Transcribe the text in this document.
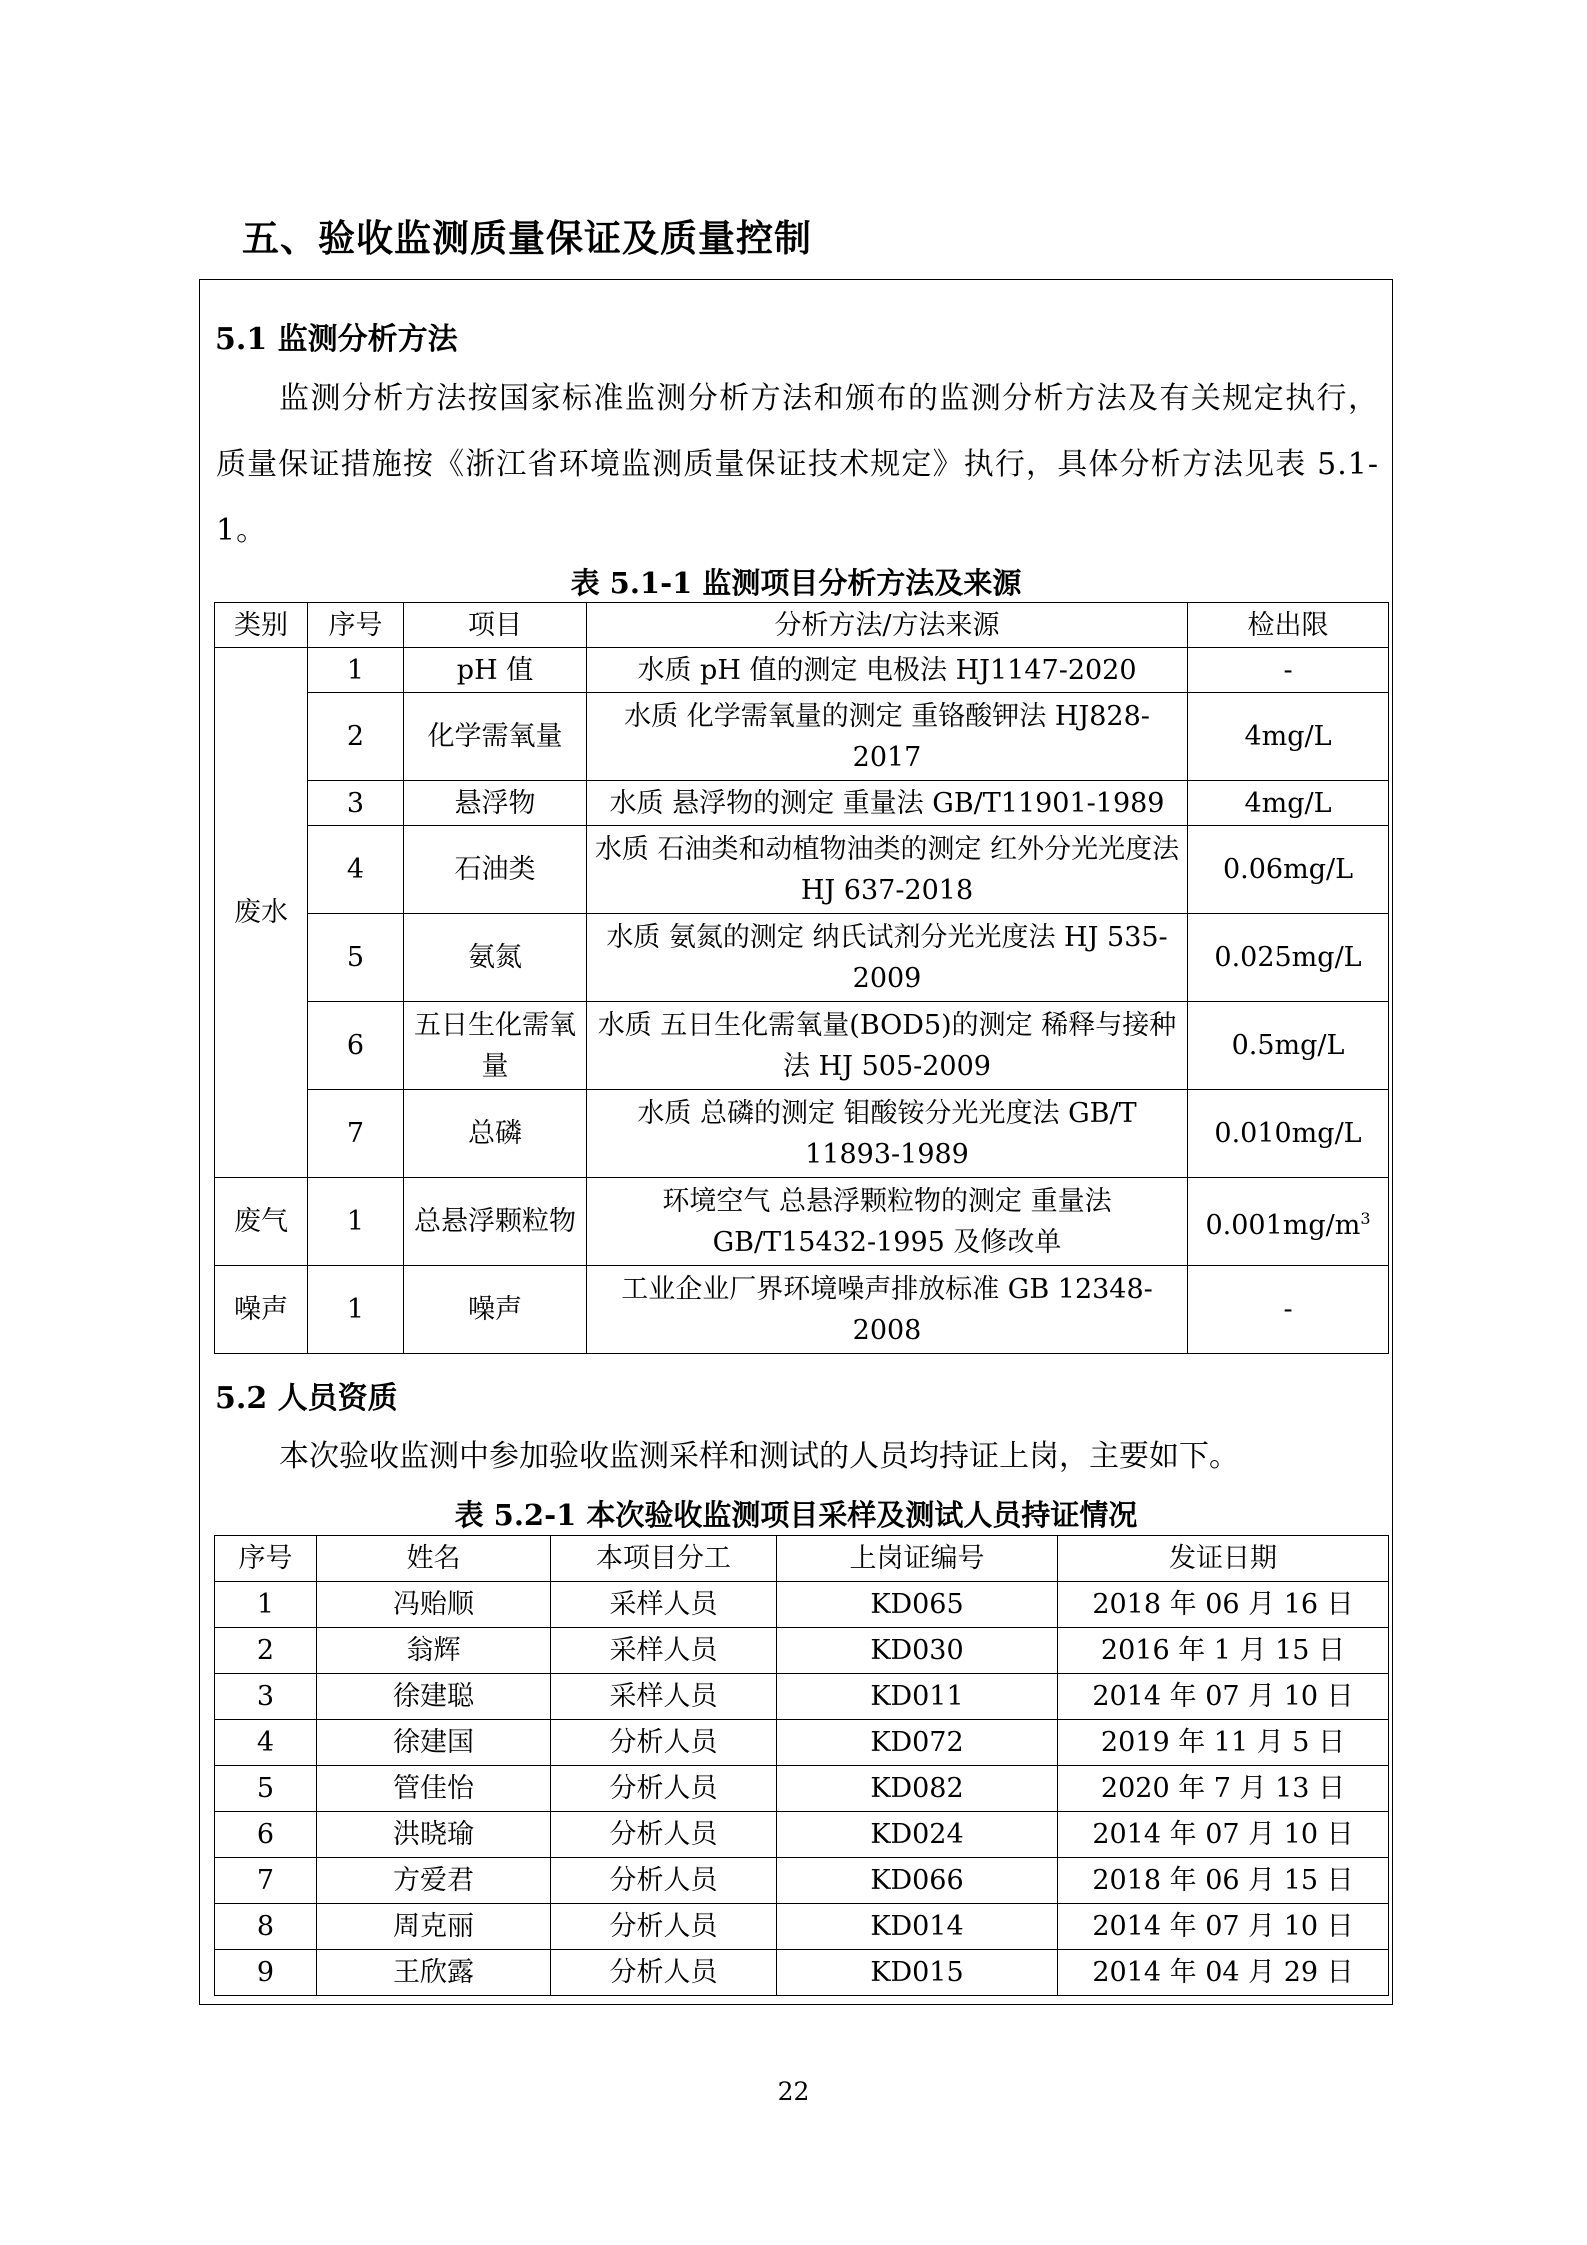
五、验收监测质量保证及质量控制
5.1 监测分析方法
监测分析方法按国家标准监测分析方法和颁布的监测分析方法及有关规定执行，质量保证措施按《浙江省环境监测质量保证技术规定》执行，具体分析方法见表 5.1-1。
表 5.1-1 监测项目分析方法及来源
类别	序号	项目	分析方法/方法来源	检出限
废水	1	pH 值	水质 pH 值的测定 电极法 HJ1147-2020	-
	2	化学需氧量	水质 化学需氧量的测定 重铬酸钾法 HJ828-2017	4mg/L
	3	悬浮物	水质 悬浮物的测定 重量法 GB/T11901-1989	4mg/L
	4	石油类	水质 石油类和动植物油类的测定 红外分光光度法 HJ 637-2018	0.06mg/L
	5	氨氮	水质 氨氮的测定 纳氏试剂分光光度法 HJ 535-2009	0.025mg/L
	6	五日生化需氧量	水质 五日生化需氧量(BOD5)的测定 稀释与接种法 HJ 505-2009	0.5mg/L
	7	总磷	水质 总磷的测定 钼酸铵分光光度法 GB/T 11893-1989	0.010mg/L
废气	1	总悬浮颗粒物	环境空气 总悬浮颗粒物的测定 重量法 GB/T15432-1995 及修改单	$0.001mg/m^3$
噪声	1	噪声	工业企业厂界环境噪声排放标准 GB 12348-2008	-
5.2 人员资质
本次验收监测中参加验收监测采样和测试的人员均持证上岗，主要如下。
表 5.2-1 本次验收监测项目采样及测试人员持证情况
序号	姓名	本项目分工	上岗证编号	发证日期
1	冯贻顺	采样人员	KD065	2018 年 06 月 16 日
2	翁辉	采样人员	KD030	2016 年 1 月 15 日
3	徐建聪	采样人员	KD011	2014 年 07 月 10 日
4	徐建国	分析人员	KD072	2019 年 11 月 5 日
5	管佳怡	分析人员	KD082	2020 年 7 月 13 日
6	洪晓瑜	分析人员	KD024	2014 年 07 月 10 日
7	方爱君	分析人员	KD066	2018 年 06 月 15 日
8	周克丽	分析人员	KD014	2014 年 07 月 10 日
9	王欣露	分析人员	KD015	2014 年 04 月 29 日
22
